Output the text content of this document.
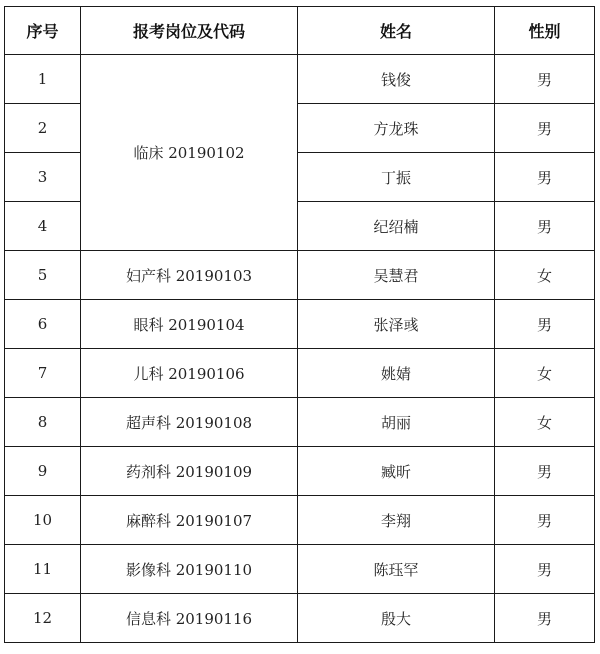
序号	报考岗位及代码	姓名	性别
1	临床 20190102	钱俊	男
2		方龙珠	男
3		丁振	男
4		纪绍楠	男
5	妇产科 20190103	吴慧君	女
6	眼科 20190104	张泽彧	男
7	儿科 20190106	姚婧	女
8	超声科 20190108	胡丽	女
9	药剂科 20190109	臧昕	男
10	麻醉科 20190107	李翔	男
11	影像科 20190110	陈珏罕	男
12	信息科 20190116	殷大	男
